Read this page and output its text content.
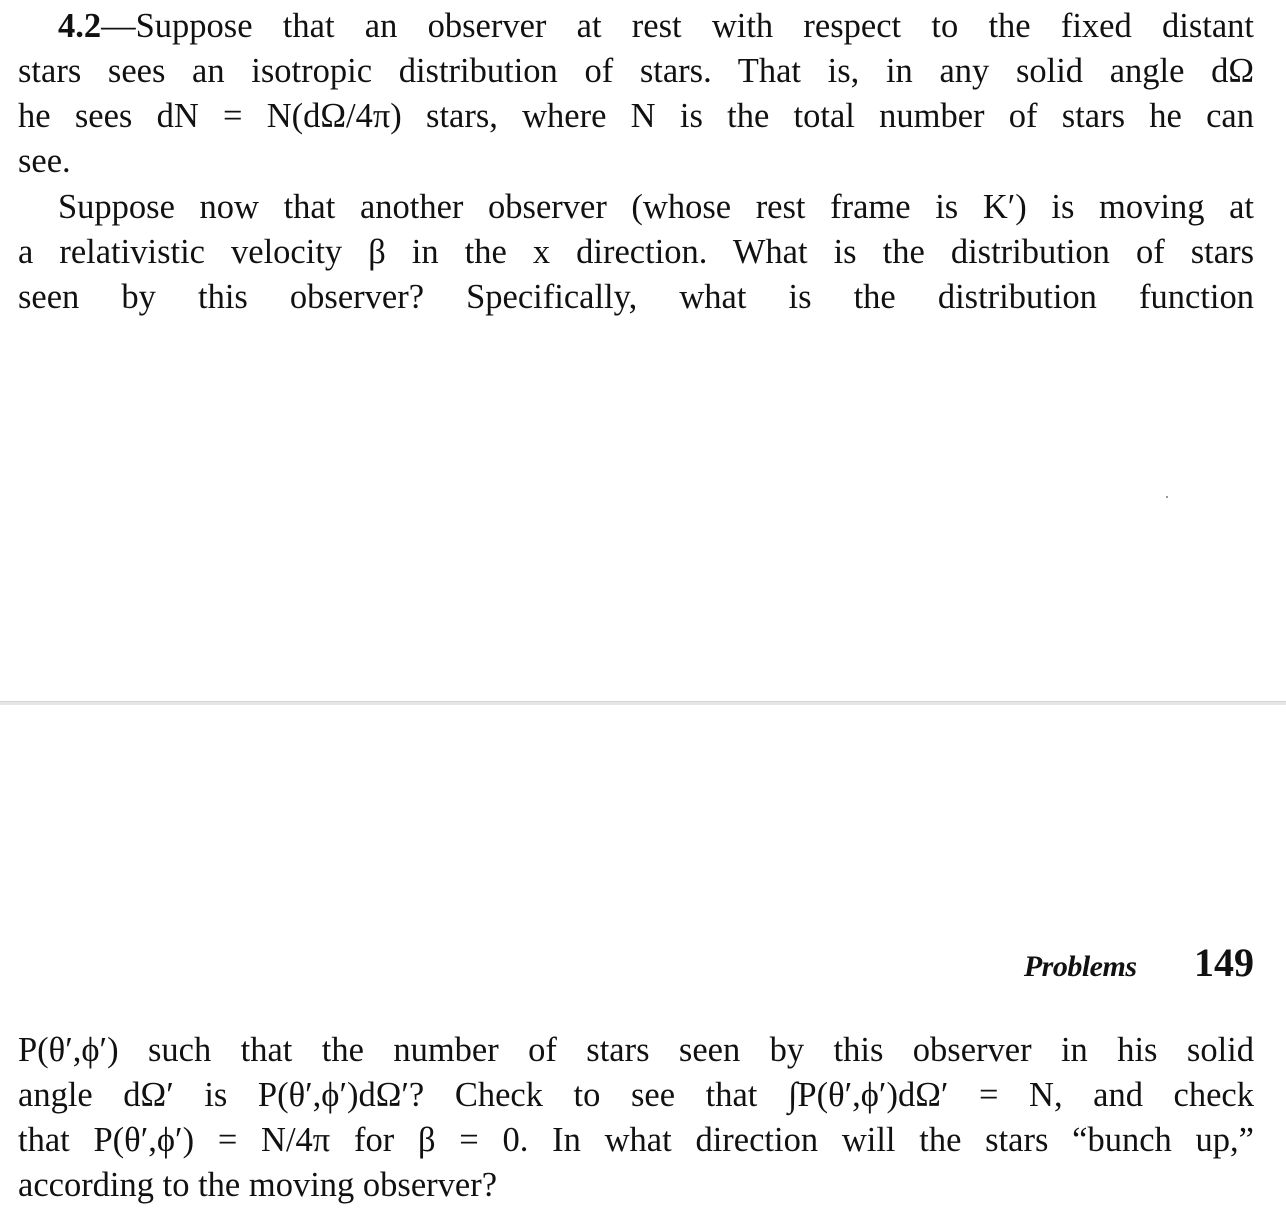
4.2—Suppose that an observer at rest with respect to the fixed distant
stars sees an isotropic distribution of stars. That is, in any solid angle dΩ
he sees dN = N(dΩ/4π) stars, where N is the total number of stars he can
see.

Suppose now that another observer (whose rest frame is K′) is moving at
a relativistic velocity β in the x direction. What is the distribution of stars
seen by this observer? Specifically, what is the distribution function

Problems 149

P(θ′,ϕ′) such that the number of stars seen by this observer in his solid
angle dΩ′ is P(θ′,ϕ′)dΩ′? Check to see that ∫P(θ′,ϕ′)dΩ′ = N, and check
that P(θ′,ϕ′) = N/4π for β = 0. In what direction will the stars “bunch up,”
according to the moving observer?
